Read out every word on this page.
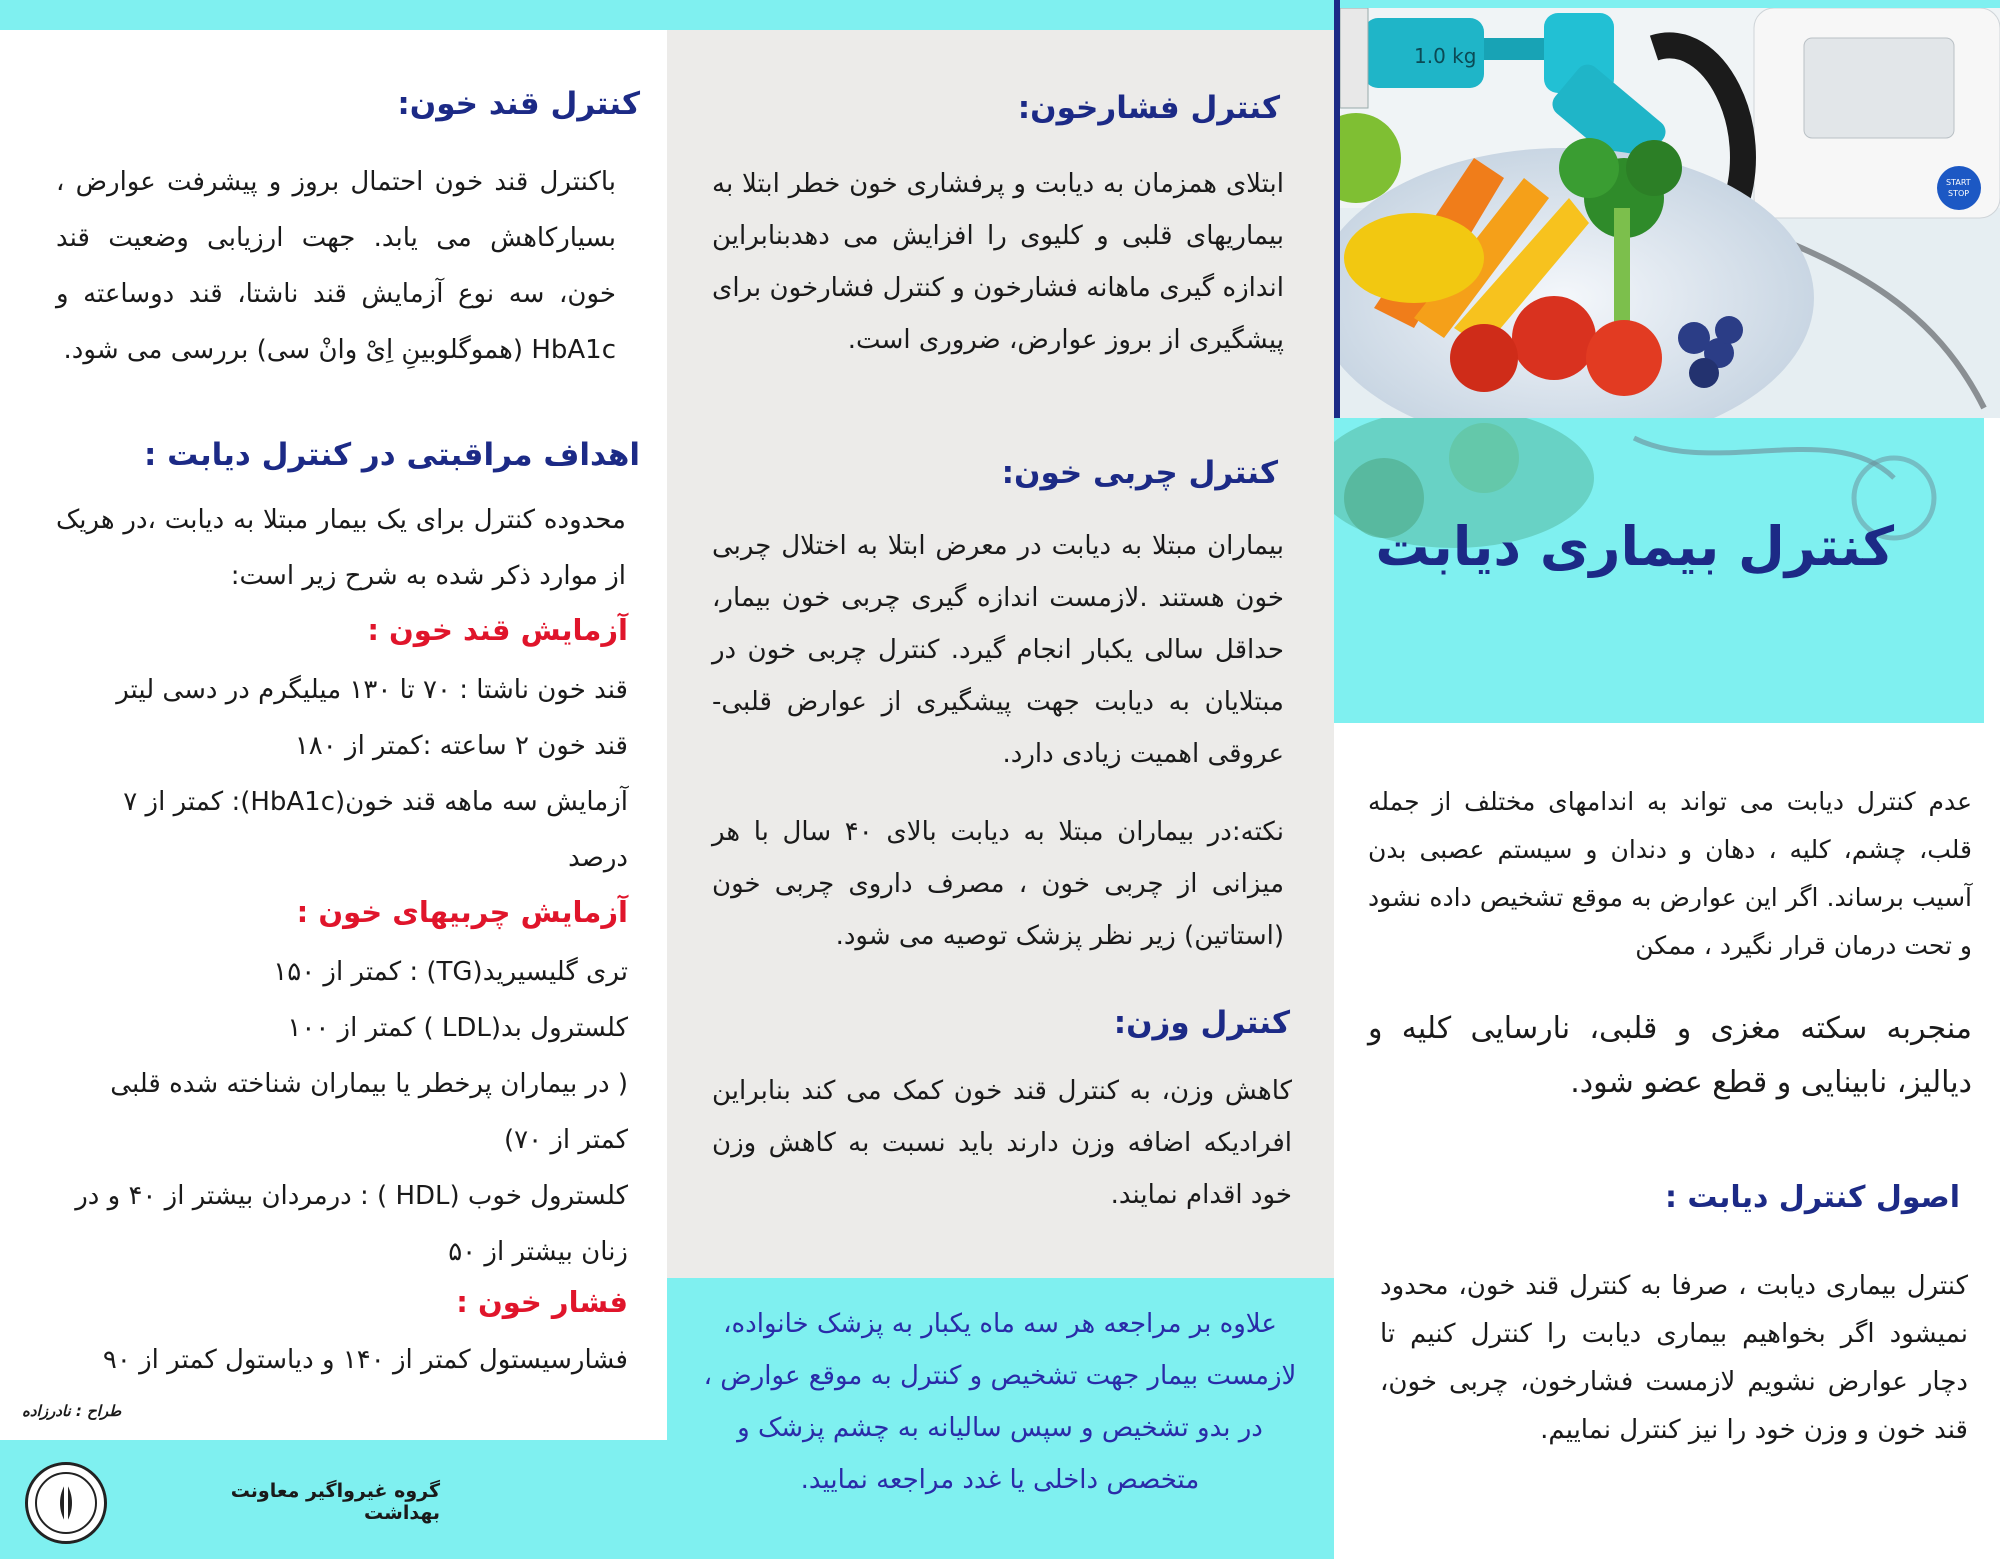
1.0 kg
START
STOP
کنترل بیماری دیابت
عدم کنترل دیابت می تواند به اندامهای مختلف از جمله قلب، چشم، کلیه ، دهان و دندان و سیستم عصبی بدن آسیب برساند. اگر این عوارض به موقع تشخیص داده نشود و تحت درمان قرار نگیرد ، ممکن
منجربه سکته مغزی و قلبی، نارسایی کلیه و دیالیز، نابینایی و قطع عضو شود.
اصول کنترل دیابت :
کنترل بیماری دیابت ، صرفا به کنترل قند خون، محدود نمیشود اگر بخواهیم بیماری دیابت را کنترل کنیم تا دچار عوارض نشویم لازمست فشارخون، چربی خون، قند خون و وزن خود را نیز کنترل نماییم.
کنترل فشارخون:
ابتلای همزمان به دیابت و پرفشاری خون خطر ابتلا به بیماریهای قلبی و کلیوی را افزایش می دهدبنابراین اندازه گیری ماهانه فشارخون و کنترل فشارخون برای پیشگیری از بروز عوارض، ضروری است.
کنترل چربی خون:
بیماران مبتلا به دیابت در معرض ابتلا به اختلال چربی خون هستند .لازمست اندازه گیری چربی خون بیمار، حداقل سالی یکبار انجام گیرد. کنترل چربی خون در مبتلایان به دیابت جهت پیشگیری از عوارض قلبی- عروقی اهمیت زیادی دارد.
نکته:در بیماران مبتلا به دیابت بالای ۴۰ سال با هر میزانی از چربی خون ، مصرف داروی چربی خون (استاتین) زیر نظر پزشک توصیه می شود.
کنترل وزن:
کاهش وزن، به کنترل قند خون کمک می کند بنابراین افرادیکه اضافه وزن دارند باید نسبت به کاهش وزن خود اقدام نمایند.
علاوه بر مراجعه هر سه ماه یکبار به پزشک خانواده، لازمست بیمار جهت تشخیص و کنترل به موقع عوارض ، در بدو تشخیص و سپس سالیانه به چشم پزشک و متخصص داخلی یا غدد مراجعه نمایید.
کنترل قند خون:
باکنترل قند خون احتمال بروز و پیشرفت عوارض ، بسیارکاهش می یابد. جهت ارزیابی وضعیت قند خون، سه نوع آزمایش قند ناشتا، قند دوساعته و HbA1c (هموگلوبینِ اِیْ وانْ سی) بررسی می شود.
اهداف مراقبتی در کنترل دیابت :
محدوده کنترل برای یک بیمار مبتلا به دیابت ،در هریک از موارد ذکر شده به شرح زیر است:
آزمایش قند خون :
قند خون ناشتا : ۷۰ تا ۱۳۰ میلیگرم در دسی لیتر
قند خون ۲ ساعته :کمتر از ۱۸۰
آزمایش سه ماهه قند خون(HbA1c): کمتر از ۷
درصد
آزمایش چربیهای خون :
تری گلیسیرید(TG) : کمتر از ۱۵۰
کلسترول بد(LDL ) کمتر از ۱۰۰
( در بیماران پرخطر یا بیماران شناخته شده قلبی
کمتر از ۷۰)
کلسترول خوب (HDL ) : درمردان بیشتر از ۴۰ و در
زنان بیشتر از ۵۰
فشار خون :
فشارسیستول کمتر از ۱۴۰ و دیاستول کمتر از ۹۰
طراح : نادرزاده
گروه غیرواگیر معاونت بهداشت
